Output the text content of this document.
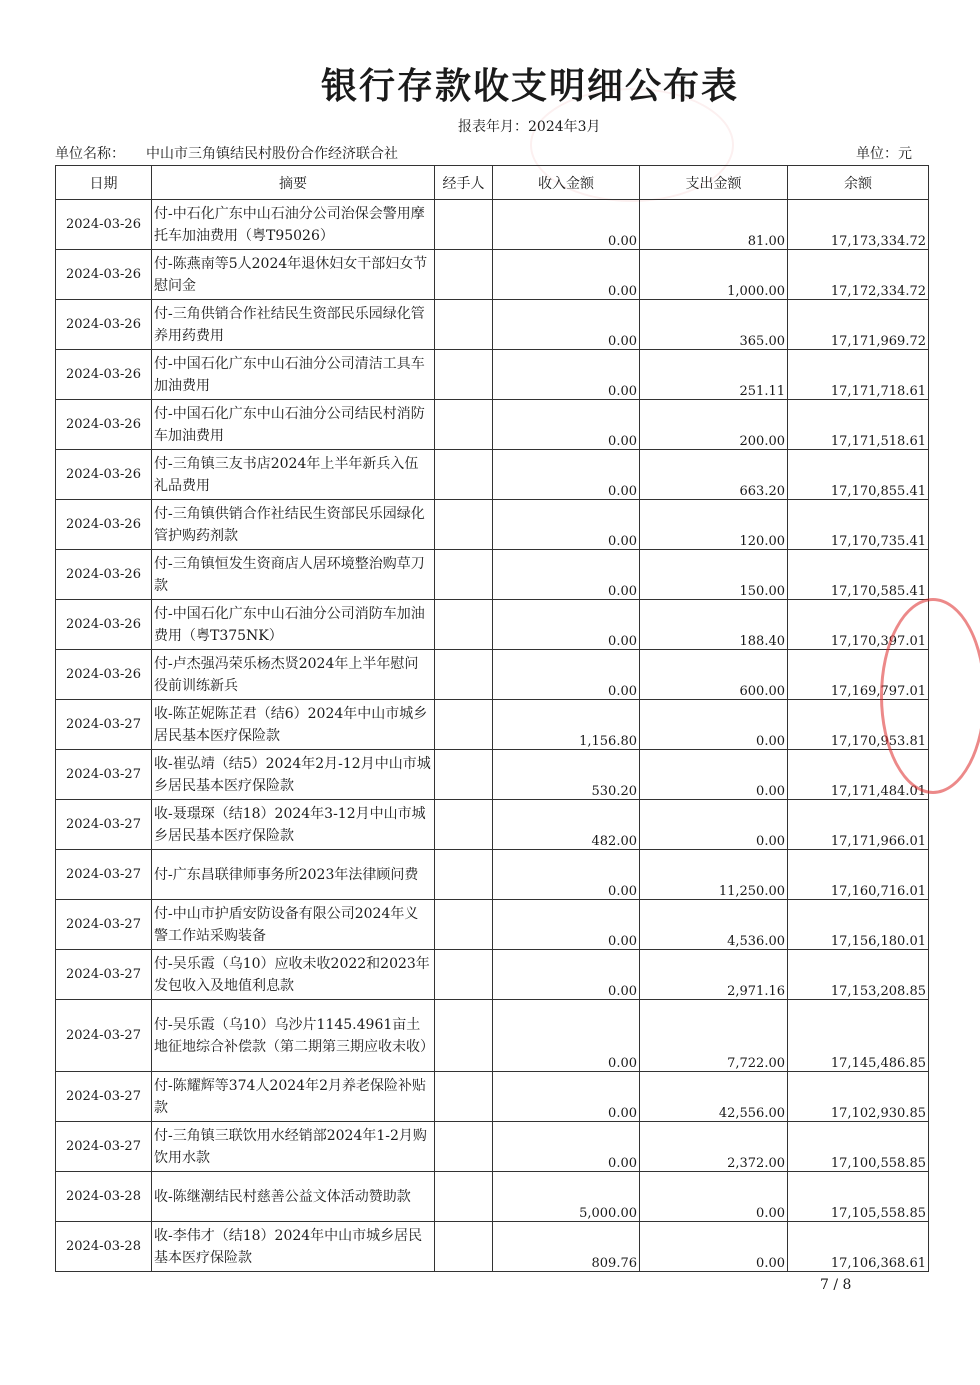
银行存款收支明细公布表
报表年月：2024年3月
单位名称： 中山市三角镇结民村股份合作经济联合社	单位：元
日期	摘要	经手人	收入金额	支出金额	余额
2024-03-26	付-中石化广东中山石油分公司治保会警用摩托车加油费用（粤T95026）		0.00	81.00	17,173,334.72
2024-03-26	付-陈燕南等5人2024年退休妇女干部妇女节慰问金		0.00	1,000.00	17,172,334.72
2024-03-26	付-三角供销合作社结民生资部民乐园绿化管养用药费用		0.00	365.00	17,171,969.72
2024-03-26	付-中国石化广东中山石油分公司清洁工具车加油费用		0.00	251.11	17,171,718.61
2024-03-26	付-中国石化广东中山石油分公司结民村消防车加油费用		0.00	200.00	17,171,518.61
2024-03-26	付-三角镇三友书店2024年上半年新兵入伍礼品费用		0.00	663.20	17,170,855.41
2024-03-26	付-三角镇供销合作社结民生资部民乐园绿化管护购药剂款		0.00	120.00	17,170,735.41
2024-03-26	付-三角镇恒发生资商店人居环境整治购草刀款		0.00	150.00	17,170,585.41
2024-03-26	付-中国石化广东中山石油分公司消防车加油费用（粤T375NK）		0.00	188.40	17,170,397.01
2024-03-26	付-卢杰强冯荣乐杨杰贤2024年上半年慰问役前训练新兵		0.00	600.00	17,169,797.01
2024-03-27	收-陈芷妮陈芷君（结6）2024年中山市城乡居民基本医疗保险款		1,156.80	0.00	17,170,953.81
2024-03-27	收-崔弘靖（结5）2024年2月-12月中山市城乡居民基本医疗保险款		530.20	0.00	17,171,484.01
2024-03-27	收-聂璟琛（结18）2024年3-12月中山市城乡居民基本医疗保险款		482.00	0.00	17,171,966.01
2024-03-27	付-广东昌联律师事务所2023年法律顾问费		0.00	11,250.00	17,160,716.01
2024-03-27	付-中山市护盾安防设备有限公司2024年义警工作站采购装备		0.00	4,536.00	17,156,180.01
2024-03-27	付-吴乐霞（乌10）应收未收2022和2023年发包收入及地值利息款		0.00	2,971.16	17,153,208.85
2024-03-27	付-吴乐霞（乌10）乌沙片1145.4961亩土地征地综合补偿款（第二期第三期应收未收）		0.00	7,722.00	17,145,486.85
2024-03-27	付-陈耀辉等374人2024年2月养老保险补贴款		0.00	42,556.00	17,102,930.85
2024-03-27	付-三角镇三联饮用水经销部2024年1-2月购饮用水款		0.00	2,372.00	17,100,558.85
2024-03-28	收-陈继潮结民村慈善公益文体活动赞助款		5,000.00	0.00	17,105,558.85
2024-03-28	收-李伟才（结18）2024年中山市城乡居民基本医疗保险款		809.76	0.00	17,106,368.61
7 / 8
